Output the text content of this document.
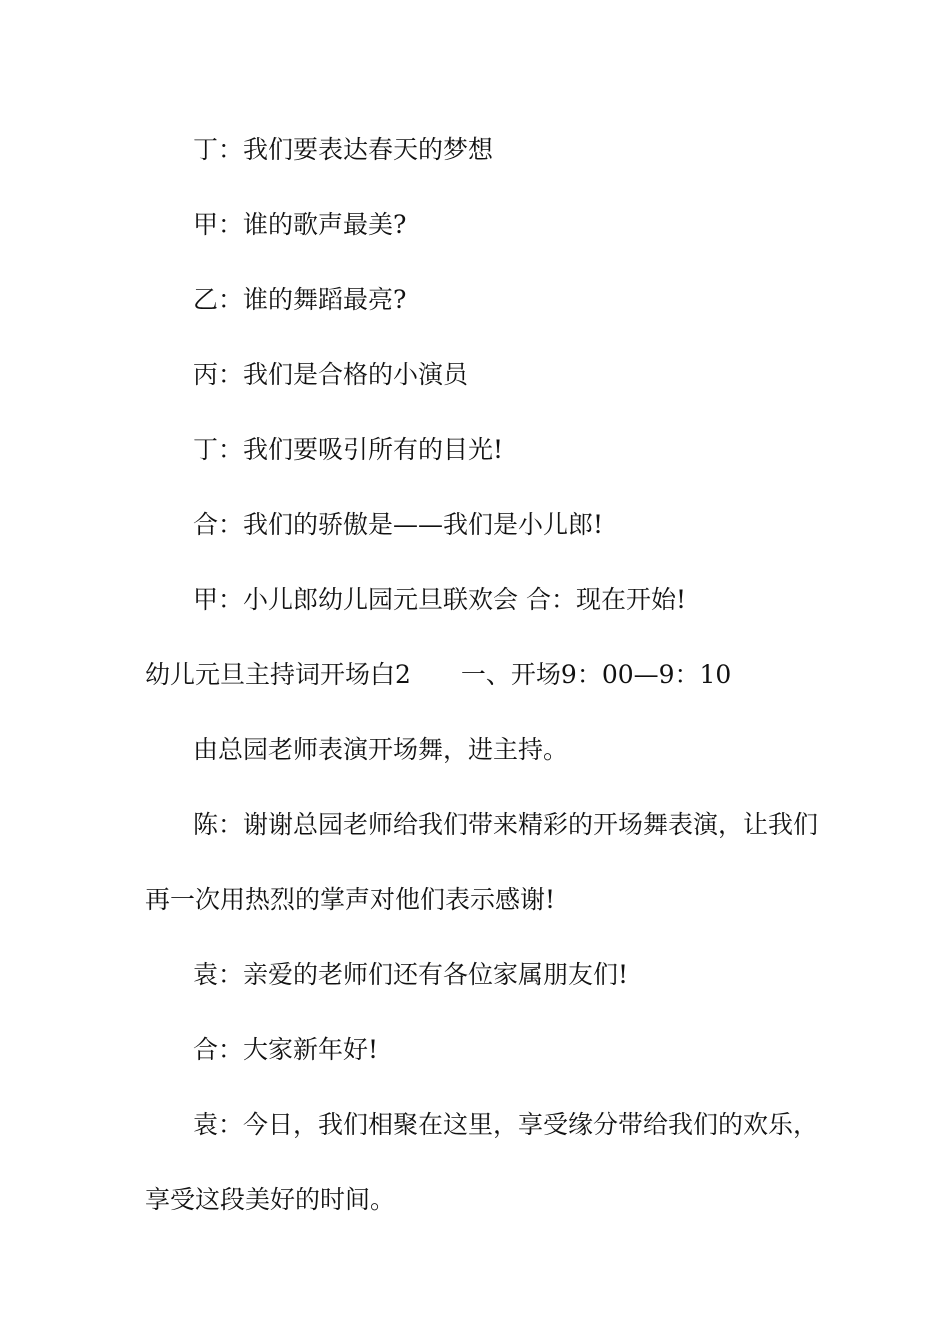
丁：我们要表达春天的梦想

甲：谁的歌声最美?

乙：谁的舞蹈最亮?

丙：我们是合格的小演员

丁：我们要吸引所有的目光!

合：我们的骄傲是——我们是小儿郎!

甲：小儿郎幼儿园元旦联欢会 合：现在开始!

幼儿元旦主持词开场白2　　一、开场9：00—9：10

由总园老师表演开场舞，进主持。

陈：谢谢总园老师给我们带来精彩的开场舞表演，让我们

再一次用热烈的掌声对他们表示感谢!

袁：亲爱的老师们还有各位家属朋友们!

合：大家新年好!

袁：今日，我们相聚在这里，享受缘分带给我们的欢乐，

享受这段美好的时间。
